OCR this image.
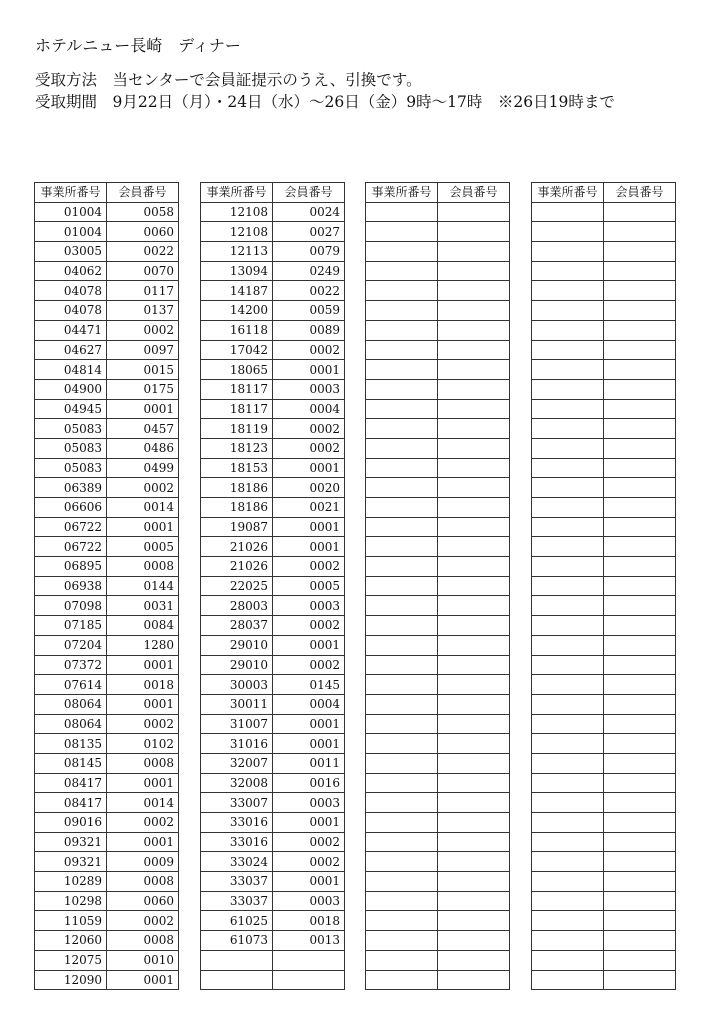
ホテルニュー長崎　ディナー
受取方法　当センターで会員証提示のうえ、引換です。
受取期間　9月22日（月）・24日（水）～26日（金）9時～17時　※26日19時まで
事業所番号	会員番号
01004	0058
01004	0060
03005	0022
04062	0070
04078	0117
04078	0137
04471	0002
04627	0097
04814	0015
04900	0175
04945	0001
05083	0457
05083	0486
05083	0499
06389	0002
06606	0014
06722	0001
06722	0005
06895	0008
06938	0144
07098	0031
07185	0084
07204	1280
07372	0001
07614	0018
08064	0001
08064	0002
08135	0102
08145	0008
08417	0001
08417	0014
09016	0002
09321	0001
09321	0009
10289	0008
10298	0060
11059	0002
12060	0008
12075	0010
12090	0001
事業所番号	会員番号
12108	0024
12108	0027
12113	0079
13094	0249
14187	0022
14200	0059
16118	0089
17042	0002
18065	0001
18117	0003
18117	0004
18119	0002
18123	0002
18153	0001
18186	0020
18186	0021
19087	0001
21026	0001
21026	0002
22025	0005
28003	0003
28037	0002
29010	0001
29010	0002
30003	0145
30011	0004
31007	0001
31016	0001
32007	0011
32008	0016
33007	0003
33016	0001
33016	0002
33024	0002
33037	0001
33037	0003
61025	0018
61073	0013

事業所番号	会員番号

		事業所番号	会員番号
